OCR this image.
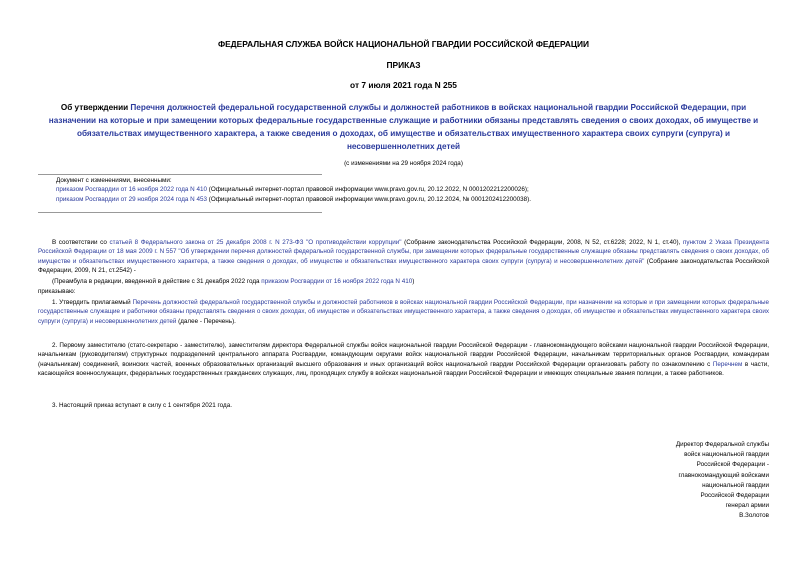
ФЕДЕРАЛЬНАЯ СЛУЖБА ВОЙСК НАЦИОНАЛЬНОЙ ГВАРДИИ РОССИЙСКОЙ ФЕДЕРАЦИИ
ПРИКАЗ
от 7 июля 2021 года N 255
Об утверждении Перечня должностей федеральной государственной службы и должностей работников в войсках национальной гвардии Российской Федерации, при назначении на которые и при замещении которых федеральные государственные служащие и работники обязаны представлять сведения о своих доходах, об имуществе и обязательствах имущественного характера, а также сведения о доходах, об имуществе и обязательствах имущественного характера своих супруги (супруга) и несовершеннолетних детей
(с изменениями на 29 ноября 2024 года)
Документ с изменениями, внесенными:
приказом Росгвардии от 16 ноября 2022 года N 410 (Официальный интернет-портал правовой информации www.pravo.gov.ru, 20.12.2022, N 0001202212200026);
приказом Росгвардии от 29 ноября 2024 года N 453 (Официальный интернет-портал правовой информации www.pravo.gov.ru, 20.12.2024, № 0001202412200038).
В соответствии со статьей 8 Федерального закона от 25 декабря 2008 г. N 273-ФЗ "О противодействии коррупции" (Собрание законодательства Российской Федерации, 2008, N 52, ст.6228; 2022, N 1, ст.40), пунктом 2 Указа Президента Российской Федерации от 18 мая 2009 г. N 557 "Об утверждении перечня должностей федеральной государственной службы, при замещении которых федеральные государственные служащие обязаны представлять сведения о своих доходах, об имуществе и обязательствах имущественного характера, а также сведения о доходах, об имуществе и обязательствах имущественного характера своих супруги (супруга) и несовершеннолетних детей" (Собрание законодательства Российской Федерации, 2009, N 21, ст.2542) -
(Преамбула в редакции, введенной в действие с 31 декабря 2022 года приказом Росгвардии от 16 ноября 2022 года N 410)
приказываю:
1. Утвердить прилагаемый Перечень должностей федеральной государственной службы и должностей работников в войсках национальной гвардии Российской Федерации, при назначении на которые и при замещении которых федеральные государственные служащие и работники обязаны представлять сведения о своих доходах, об имуществе и обязательствах имущественного характера, а также сведения о доходах, об имуществе и обязательствах имущественного характера своих супруги (супруга) и несовершеннолетних детей (далее - Перечень).
2. Первому заместителю (статс-секретарю - заместителю), заместителям директора Федеральной службы войск национальной гвардии Российской Федерации - главнокомандующего войсками национальной гвардии Российской Федерации, начальникам (руководителям) структурных подразделений центрального аппарата Росгвардии, командующим округами войск национальной гвардии Российской Федерации, начальникам территориальных органов Росгвардии, командирам (начальникам) соединений, воинских частей, военных образовательных организаций высшего образования и иных организаций войск национальной гвардии Российской Федерации организовать работу по ознакомлению с Перечнем в части, касающейся военнослужащих, федеральных государственных гражданских служащих, лиц, проходящих службу в войсках национальной гвардии Российской Федерации и имеющих специальные звания полиции, а также работников.
3. Настоящий приказ вступает в силу с 1 сентября 2021 года.
Директор Федеральной службы
войск национальной гвардии
Российской Федерации -
главнокомандующий войсками
национальной гвардии
Российской Федерации
генерал армии
В.Золотов
